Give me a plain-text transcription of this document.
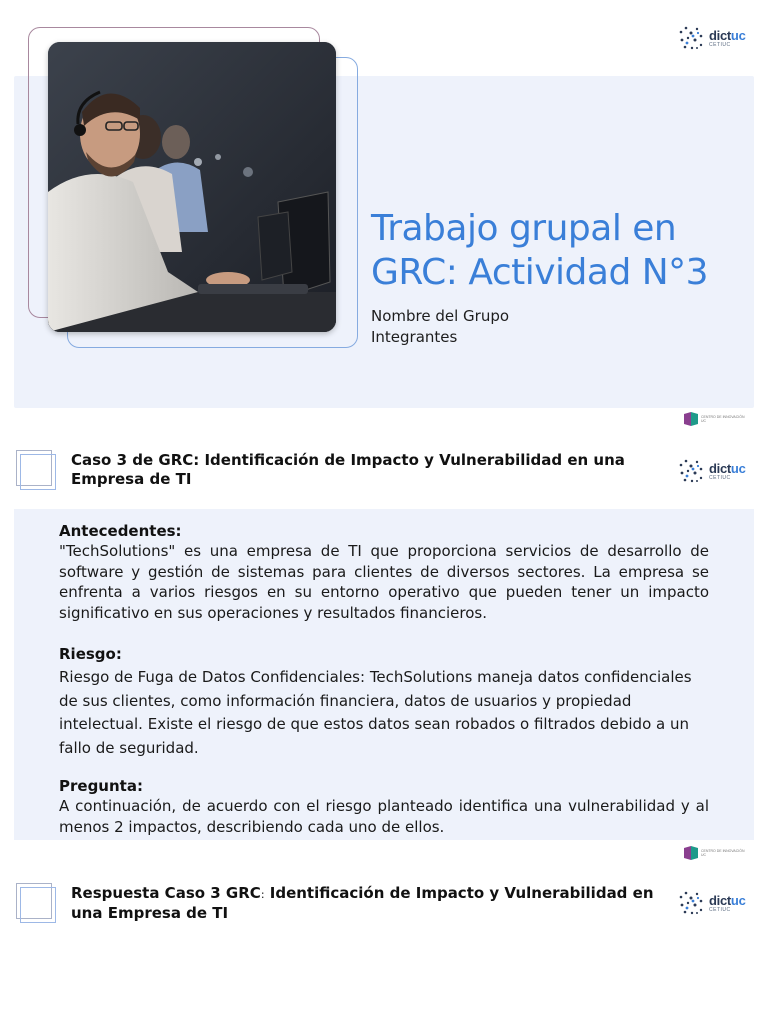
dictuc
CETIUC
Trabajo grupal en GRC: Actividad N°3
Nombre del Grupo
Integrantes
CENTRO DE INNOVACIÓN UC
Caso 3 de GRC: Identificación de Impacto y Vulnerabilidad en una Empresa de TI
dictuc
CETIUC
Antecedentes:
"TechSolutions" es una empresa de TI que proporciona servicios de desarrollo de software y gestión de sistemas para clientes de diversos sectores. La empresa se enfrenta a varios riesgos en su entorno operativo que pueden tener un impacto significativo en sus operaciones y resultados financieros.
Riesgo:
Riesgo de Fuga de Datos Confidenciales: TechSolutions maneja datos confidenciales de sus clientes, como información financiera, datos de usuarios y propiedad intelectual. Existe el riesgo de que estos datos sean robados o filtrados debido a un fallo de seguridad.
Pregunta:
A continuación, de acuerdo con el riesgo planteado identifica una vulnerabilidad y al menos 2 impactos, describiendo cada uno de ellos.
CENTRO DE INNOVACIÓN UC
Respuesta Caso 3 GRC: Identificación de Impacto y Vulnerabilidad en una Empresa de TI
dictuc
CETIUC
